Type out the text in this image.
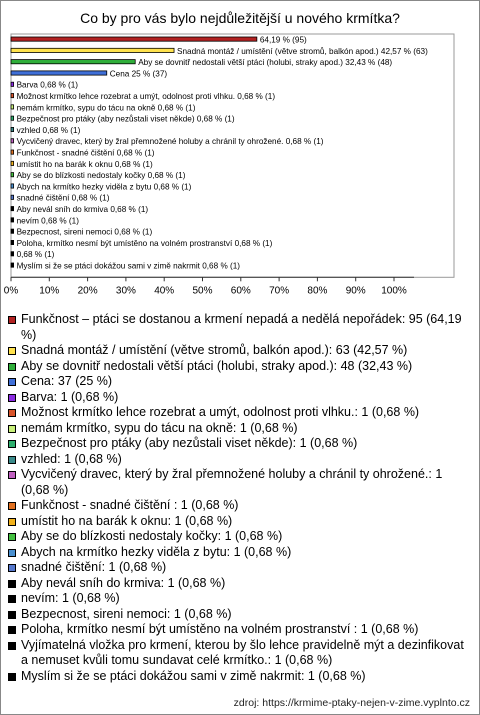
Co by pro vás bylo nejdůležitější u nového krmítka?
64,19 % (95)
Snadná montáž / umístění (větve stromů, balkón apod.) 42,57 % (63)
Aby se dovnitř nedostali větší ptáci (holubi, straky apod.) 32,43 % (48)
Cena 25 % (37)
Barva 0,68 % (1)
Možnost krmítko lehce rozebrat a umýt, odolnost proti vlhku. 0,68 % (1)
nemám krmítko, sypu do tácu na okně 0,68 % (1)
Bezpečnost pro ptáky (aby nezůstali viset někde) 0,68 % (1)
vzhled 0,68 % (1)
Vycvičený dravec, který by žral přemnožené holuby a chránil ty ohrožené. 0,68 % (1)
Funkčnost - snadné čištění 0,68 % (1)
umístit ho na barák k oknu 0,68 % (1)
Aby se do blízkosti nedostaly kočky 0,68 % (1)
Abych na krmítko hezky viděla z bytu 0,68 % (1)
snadné čištění 0,68 % (1)
Aby nevál sníh do krmiva 0,68 % (1)
nevím 0,68 % (1)
Bezpecnost, sireni nemoci 0,68 % (1)
Poloha, krmítko nesmí být umístěno na volném prostranství 0,68 % (1)
0,68 % (1)
Myslím si že se ptáci dokážou sami v zimě nakrmit 0,68 % (1)
0% 10% 20% 30% 40% 50% 60% 70% 80% 90% 100%
Funkčnost – ptáci se dostanou a krmení nepadá a nedělá nepořádek: 95 (64,19 %)
Snadná montáž / umístění (větve stromů, balkón apod.): 63 (42,57 %)
Aby se dovnitř nedostali větší ptáci (holubi, straky apod.): 48 (32,43 %)
Cena: 37 (25 %)
Barva: 1 (0,68 %)
Možnost krmítko lehce rozebrat a umýt, odolnost proti vlhku.: 1 (0,68 %)
nemám krmítko, sypu do tácu na okně: 1 (0,68 %)
Bezpečnost pro ptáky (aby nezůstali viset někde): 1 (0,68 %)
vzhled: 1 (0,68 %)
Vycvičený dravec, který by žral přemnožené holuby a chránil ty ohrožené.: 1 (0,68 %)
Funkčnost - snadné čištění : 1 (0,68 %)
umístit ho na barák k oknu: 1 (0,68 %)
Aby se do blízkosti nedostaly kočky: 1 (0,68 %)
Abych na krmítko hezky viděla z bytu: 1 (0,68 %)
snadné čištění: 1 (0,68 %)
Aby nevál sníh do krmiva: 1 (0,68 %)
nevím: 1 (0,68 %)
Bezpecnost, sireni nemoci: 1 (0,68 %)
Poloha, krmítko nesmí být umístěno na volném prostranství : 1 (0,68 %)
Vyjímatelná vložka pro krmení, kterou by šlo lehce pravidelně mýt a dezinfikovat a nemuset kvůli tomu sundavat celé krmítko.: 1 (0,68 %)
Myslím si že se ptáci dokážou sami v zimě nakrmit: 1 (0,68 %)
zdroj: https://krmime-ptaky-nejen-v-zime.vyplnto.cz
